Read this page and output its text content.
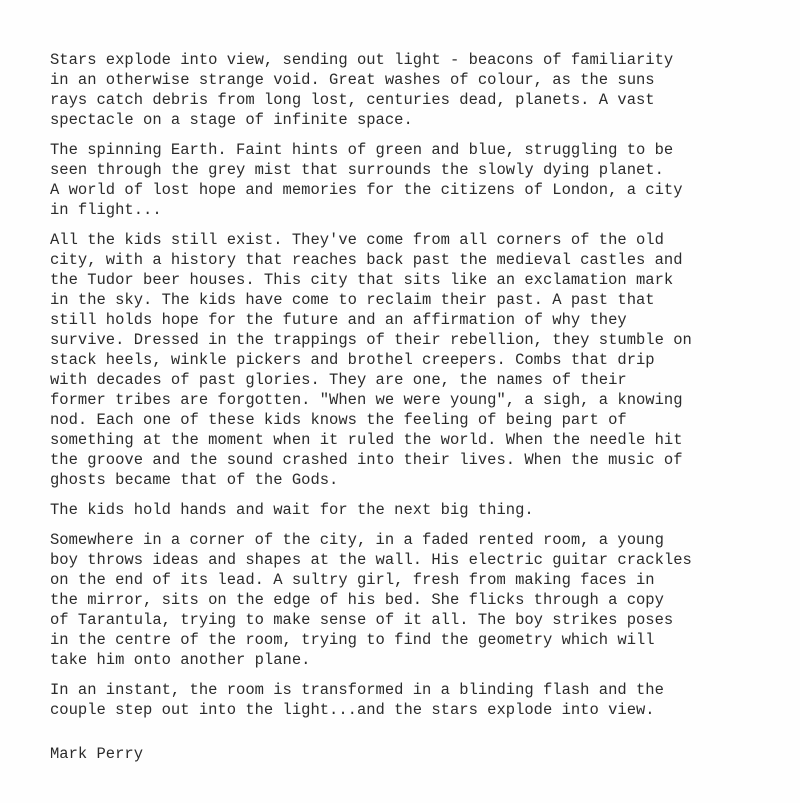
Stars explode into view, sending out light - beacons of familiarity
in an otherwise strange void. Great washes of colour, as the suns
rays catch debris from long lost, centuries dead, planets. A vast
spectacle on a stage of infinite space.
The spinning Earth. Faint hints of green and blue, struggling to be
seen through the grey mist that surrounds the slowly dying planet.
A world of lost hope and memories for the citizens of London, a city
in flight...
All the kids still exist. They've come from all corners of the old
city, with a history that reaches back past the medieval castles and
the Tudor beer houses. This city that sits like an exclamation mark
in the sky. The kids have come to reclaim their past. A past that
still holds hope for the future and an affirmation of why they
survive. Dressed in the trappings of their rebellion, they stumble on
stack heels, winkle pickers and brothel creepers. Combs that drip
with decades of past glories. They are one, the names of their
former tribes are forgotten. "When we were young", a sigh, a knowing
nod. Each one of these kids knows the feeling of being part of
something at the moment when it ruled the world. When the needle hit
the groove and the sound crashed into their lives. When the music of
ghosts became that of the Gods.
The kids hold hands and wait for the next big thing.
Somewhere in a corner of the city, in a faded rented room, a young
boy throws ideas and shapes at the wall. His electric guitar crackles
on the end of its lead. A sultry girl, fresh from making faces in
the mirror, sits on the edge of his bed. She flicks through a copy
of Tarantula, trying to make sense of it all. The boy strikes poses
in the centre of the room, trying to find the geometry which will
take him onto another plane.
In an instant, the room is transformed in a blinding flash and the
couple step out into the light...and the stars explode into view.
Mark Perry
